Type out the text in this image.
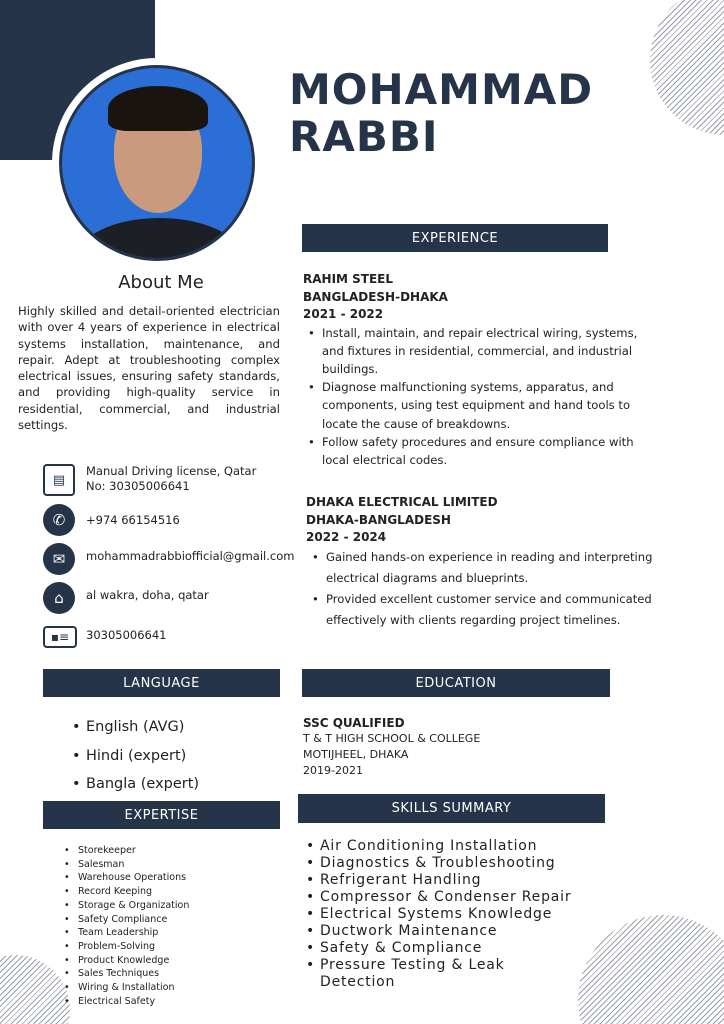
MOHAMMAD
RABBI
About Me
Highly skilled and detail-oriented electrician with over 4 years of experience in electrical systems installation, maintenance, and repair. Adept at troubleshooting complex electrical issues, ensuring safety standards, and providing high-quality service in residential, commercial, and industrial settings.
▤
Manual Driving license, Qatar
No: 30305006641
✆	+974 66154516
✉	mohammadrabbiofficial@gmail.com
⌂	al wakra, doha, qatar
▪≡	30305006641
LANGUAGE
• English (AVG)
• Hindi (expert)
• Bangla (expert)
EXPERTISE
• Storekeeper
• Salesman
• Warehouse Operations
• Record Keeping
• Storage & Organization
• Safety Compliance
• Team Leadership
• Problem-Solving
• Product Knowledge
• Sales Techniques
• Wiring & Installation
• Electrical Safety
EXPERIENCE
RAHIM STEEL
BANGLADESH-DHAKA
2021 - 2022
• Install, maintain, and repair electrical wiring, systems, and fixtures in residential, commercial, and industrial buildings.
• Diagnose malfunctioning systems, apparatus, and components, using test equipment and hand tools to locate the cause of breakdowns.
• Follow safety procedures and ensure compliance with local electrical codes.
DHAKA ELECTRICAL LIMITED
DHAKA-BANGLADESH
2022 - 2024
• Gained hands-on experience in reading and interpreting electrical diagrams and blueprints.
• Provided excellent customer service and communicated effectively with clients regarding project timelines.
EDUCATION
SSC QUALIFIED
T & T HIGH SCHOOL & COLLEGE
MOTIJHEEL, DHAKA
2019-2021
SKILLS SUMMARY
• Air Conditioning Installation
• Diagnostics & Troubleshooting
• Refrigerant Handling
• Compressor & Condenser Repair
• Electrical Systems Knowledge
• Ductwork Maintenance
• Safety & Compliance
• Pressure Testing & Leak Detection
